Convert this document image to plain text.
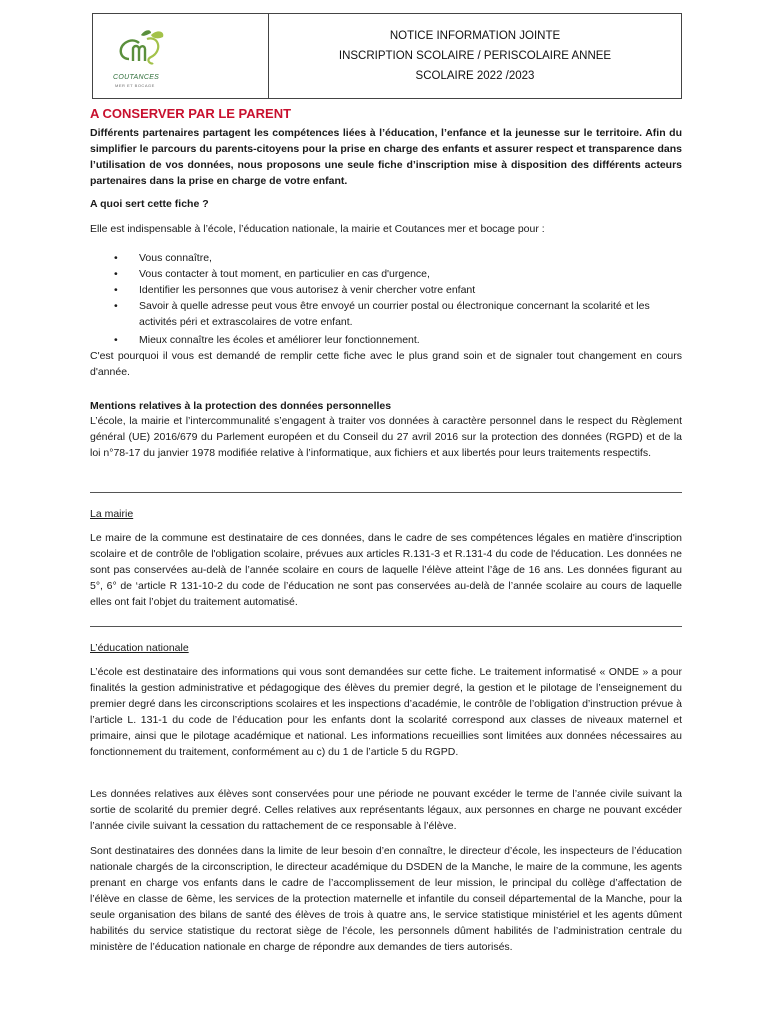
COUTANCES
MER ET BOCAGE
NOTICE INFORMATION JOINTE
INSCRIPTION SCOLAIRE / PERISCOLAIRE ANNEE
SCOLAIRE 2022 /2023
A CONSERVER PAR LE PARENT
Différents partenaires partagent les compétences liées à l’éducation, l’enfance et la jeunesse sur le territoire. Afin du simplifier le parcours du parents-citoyens pour la prise en charge des enfants et assurer respect et transparence dans l’utilisation de vos données, nous proposons une seule fiche d’inscription mise à disposition des différents acteurs partenaires dans la prise en charge de votre enfant.
A quoi sert cette fiche ?
Elle est indispensable à l’école, l’éducation nationale, la mairie et Coutances mer et bocage pour :
• Vous connaître,
• Vous contacter à tout moment, en particulier en cas d'urgence,
• Identifier les personnes que vous autorisez à venir chercher votre enfant
• Savoir à quelle adresse peut vous être envoyé un courrier postal ou électronique concernant la scolarité et les activités péri et extrascolaires de votre enfant.
• Mieux connaître les écoles et améliorer leur fonctionnement.
C'est pourquoi il vous est demandé de remplir cette fiche avec le plus grand soin et de signaler tout changement en cours d'année.
Mentions relatives à la protection des données personnelles
L’école, la mairie et l’intercommunalité s’engagent à traiter vos données à caractère personnel dans le respect du Règlement général (UE) 2016/679 du Parlement européen et du Conseil du 27 avril 2016 sur la protection des données (RGPD) et de la loi n°78-17 du janvier 1978 modifiée relative à l’informatique, aux fichiers et aux libertés pour leurs traitements respectifs.
La mairie
Le maire de la commune est destinataire de ces données, dans le cadre de ses compétences légales en matière d'inscription scolaire et de contrôle de l'obligation scolaire, prévues aux articles R.131-3 et R.131-4 du code de l'éducation. Les données ne sont pas conservées au-delà de l’année scolaire en cours de laquelle l’élève atteint l’âge de 16 ans. Les données figurant au 5°, 6° de ‘article R 131-10-2 du code de l’éducation ne sont pas conservées au-delà de l’année scolaire au cours de laquelle elles ont fait l’objet du traitement automatisé.
L’éducation nationale
L’école est destinataire des informations qui vous sont demandées sur cette fiche. Le traitement informatisé « ONDE » a pour finalités la gestion administrative et pédagogique des élèves du premier degré, la gestion et le pilotage de l’enseignement du premier degré dans les circonscriptions scolaires et les inspections d’académie, le contrôle de l’obligation d’instruction prévue à l’article L. 131-1 du code de l’éducation pour les enfants dont la scolarité correspond aux classes de niveaux maternel et primaire, ainsi que le pilotage académique et national. Les informations recueillies sont limitées aux données nécessaires au fonctionnement du traitement, conformément au c) du 1 de l’article 5 du RGPD.
Les données relatives aux élèves sont conservées pour une période ne pouvant excéder le terme de l’année civile suivant la sortie de scolarité du premier degré. Celles relatives aux représentants légaux, aux personnes en charge ne pouvant excéder l’année civile suivant la cessation du rattachement de ce responsable à l’élève.
Sont destinataires des données dans la limite de leur besoin d’en connaître, le directeur d’école, les inspecteurs de l’éducation nationale chargés de la circonscription, le directeur académique du DSDEN de la Manche, le maire de la commune, les agents prenant en charge vos enfants dans le cadre de l’accomplissement de leur mission, le principal du collège d’affectation de l’élève en classe de 6ème, les services de la protection maternelle et infantile du conseil départemental de la Manche, pour la seule organisation des bilans de santé des élèves de trois à quatre ans, le service statistique ministériel et les agents dûment habilités du service statistique du rectorat siège de l’école, les personnels dûment habilités de l’administration centrale du ministère de l’éducation nationale en charge de répondre aux demandes de tiers autorisés.
